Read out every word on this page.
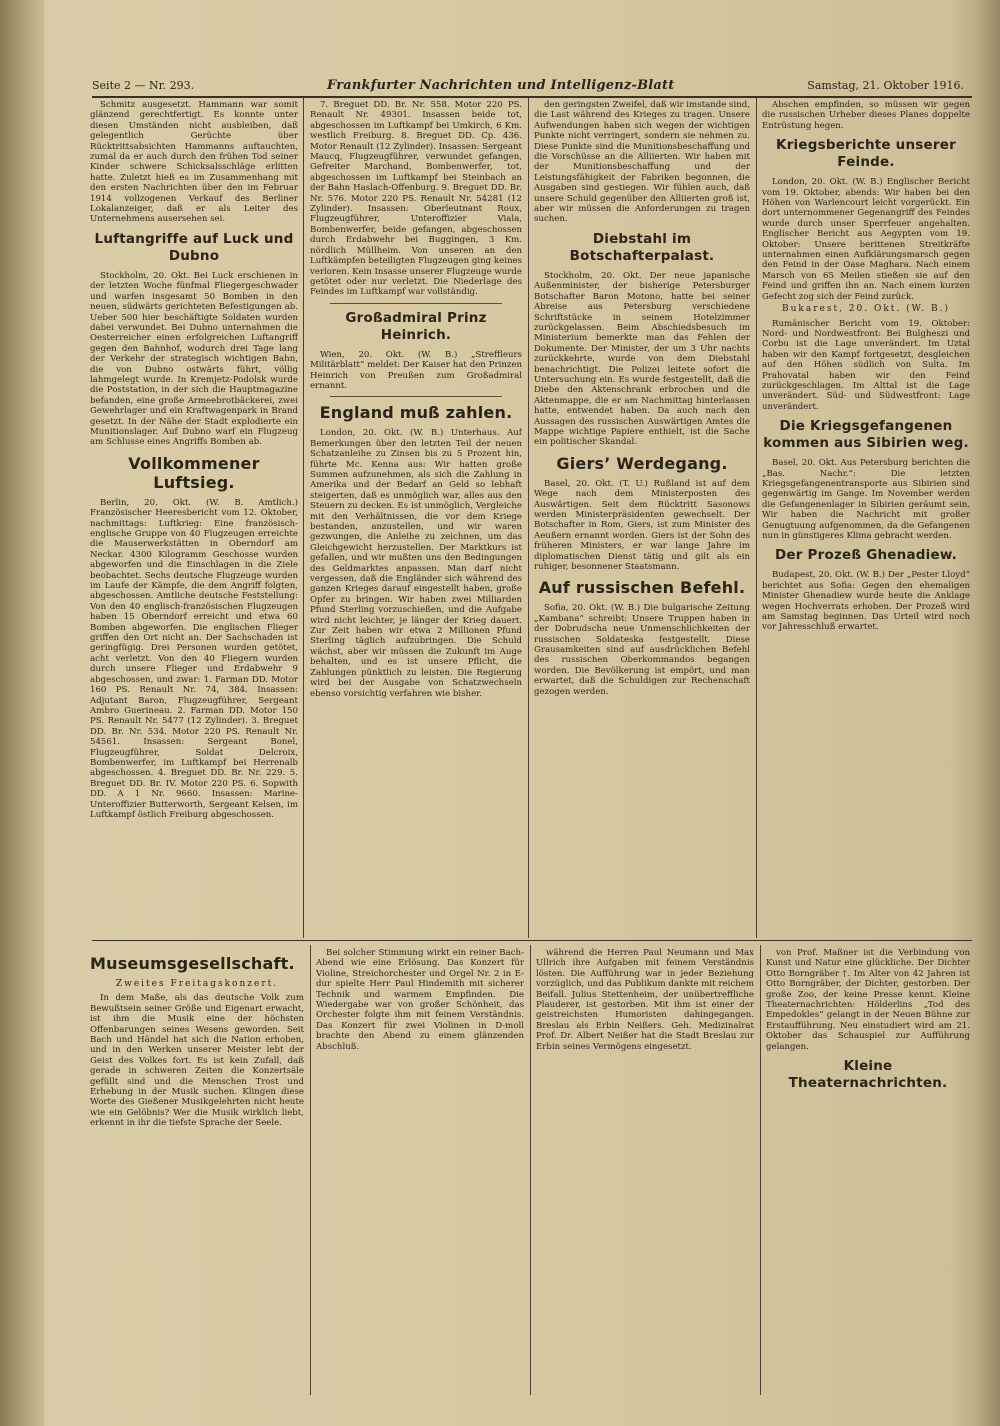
Seite 2 — Nr. 293.	Frankfurter Nachrichten und Intelligenz-Blatt	Samstag, 21. Oktober 1916.

Schmitz ausgesetzt. Hammann war somit glänzend gerechtfertigt. Es konnte unter diesen Umständen nicht ausbleiben, daß gelegentlich Gerüchte über Rücktrittsabsichten Hammanns auftauchten, zumal da er auch durch den frühen Tod seiner Kinder schwere Schicksalsschläge erlitten hatte. Zuletzt hieß es im Zusammenhang mit den ersten Nachrichten über den im Februar 1914 vollzogenen Verkauf des Berliner Lokalanzeiger, daß er als Leiter des Unternehmens ausersehen sei.

Luftangriffe auf Luck und Dubno

Stockholm, 20. Okt. Bei Luck erschienen in der letzten Woche fünfmal Fliegergeschwader und warfen insgesamt 50 Bomben in den neuen, südwärts gerichteten Befestigungen ab. Ueber 500 hier beschäftigte Soldaten wurden dabei verwundet. Bei Dubno unternahmen die Oesterreicher einen erfolgreichen Luftangriff gegen den Bahnhof, wodurch drei Tage lang der Verkehr der strategisch wichtigen Bahn, die von Dubno ostwärts führt, völlig lahmgelegt wurde. In Kremjetz-Podolsk wurde die Poststation, in der sich die Hauptmagazine befanden, eine große Armeebrotbäckerei, zwei Gewehrlager und ein Kraftwagenpark in Brand gesetzt. In der Nähe der Stadt explodierte ein Munitionslager. Auf Dubno warf ein Flugzeug am Schlusse eines Angriffs Bomben ab.

Vollkommener Luftsieg.

Berlin, 20. Okt. (W. B. Amtlich.) Französischer Heeresbericht vom 12. Oktober, nachmittags: Luftkrieg: Eine französisch-englische Gruppe von 40 Flugzeugen erreichte die Mauserwerkstätten in Oberndorf am Neckar. 4300 Kilogramm Geschosse wurden abgeworfen und die Einschlagen in die Ziele beobachtet. Sechs deutsche Flugzeuge wurden im Laufe der Kämpfe, die dem Angriff folgten, abgeschossen. Amtliche deutsche Feststellung: Von den 40 englisch-französischen Flugzeugen haben 15 Oberndorf erreicht und etwa 60 Bomben abgeworfen. Die englischen Flieger griffen den Ort nicht an. Der Sachschaden ist geringfügig. Drei Personen wurden getötet, acht verletzt. Von den 40 Fliegern wurden durch unsere Flieger und Erdabwehr 9 abgeschossen, und zwar: 1. Farman DD. Motor 160 PS. Renault Nr. 74, 384. Insassen: Adjutant Baron, Flugzeugführer, Sergeant Ambro Guerineau. 2. Farman DD. Motor 150 PS. Renault Nr. 5477 (12 Zylinder). 3. Breguet DD. Br. Nr. 534. Motor 220 PS. Renault Nr. 54561. Insassen: Sergeant Bonel, Flugzeugführer, Soldat Delcroix, Bombenwerfer, im Luftkampf bei Herrenalb abgeschossen. 4. Breguet DD. Br. Nr. 229. 5. Breguet DD. Br. IV. Motor 220 PS. 6. Sopwith DD. A 1 Nr. 9660. Insassen: Marine-Unteroffizier Butterworth, Sergeant Kelsen, im Luftkampf östlich Freiburg abgeschossen.

7. Breguet DD. Br. Nr. 558. Motor 220 PS. Renault Nr. 49301. Insassen beide tot, abgeschossen im Luftkampf bei Umkirch, 6 Km. westlich Freiburg. 8. Breguet DD. Cp. 436. Motor Renault (12 Zylinder). Insassen: Sergeant Maucq, Flugzeugführer, verwundet gefangen, Gefreiter Marchand, Bombenwerfer, tot, abgeschossen im Luftkampf bei Steinbach an der Bahn Haslach-Offenburg. 9. Breguet DD. Br. Nr. 576. Motor 220 PS. Renault Nr. 54281 (12 Zylinder). Insassen: Oberleutnant Roux, Flugzeugführer, Unteroffizier Viala, Bombenwerfer, beide gefangen, abgeschossen durch Erdabwehr bei Buggingen, 3 Km. nördlich Müllheim. Von unseren an den Luftkämpfen beteiligten Flugzeugen ging keines verloren. Kein Insasse unserer Flugzeuge wurde getötet oder nur verletzt. Die Niederlage des Feindes im Luftkampf war vollständig.

Großadmiral Prinz Heinrich.

Wien, 20. Okt. (W. B.) „Streffleurs Militärblatt“ meldet: Der Kaiser hat den Prinzen Heinrich von Preußen zum Großadmiral ernannt.

England muß zahlen.

London, 20. Okt. (W. B.) Unterhaus. Auf Bemerkungen über den letzten Teil der neuen Schatzanleihe zu Zinsen bis zu 5 Prozent hin, führte Mc. Kenna aus: Wir hatten große Summen aufzunehmen, als sich die Zahlung in Amerika und der Bedarf an Geld so lebhaft steigerten, daß es unmöglich war, alles aus den Steuern zu decken. Es ist unmöglich, Vergleiche mit den Verhältnissen, die vor dem Kriege bestanden, anzustellen, und wir waren gezwungen, die Anleihe zu zeichnen, um das Gleichgewicht herzustellen. Der Marktkurs ist gefallen, und wir mußten uns den Bedingungen des Geldmarktes anpassen. Man darf nicht vergessen, daß die Engländer sich während des ganzen Krieges darauf eingestellt haben, große Opfer zu bringen. Wir haben zwei Milliarden Pfund Sterling vorzuschießen, und die Aufgabe wird nicht leichter, je länger der Krieg dauert. Zur Zeit haben wir etwa 2 Millionen Pfund Sterling täglich aufzubringen. Die Schuld wächst, aber wir müssen die Zukunft im Auge behalten, und es ist unsere Pflicht, die Zahlungen pünktlich zu leisten. Die Regierung wird bei der Ausgabe von Schatzwechseln ebenso vorsichtig verfahren wie bisher.

den geringsten Zweifel, daß wir imstande sind, die Last während des Krieges zu tragen. Unsere Aufwendungen haben sich wegen der wichtigen Punkte nicht verringert, sondern sie nehmen zu. Diese Punkte sind die Munitionsbeschaffung und die Vorschüsse an die Alliierten. Wir haben mit der Munitionsbeschaffung und der Leistungsfähigkeit der Fabriken begonnen, die Ausgaben sind gestiegen. Wir fühlen auch, daß unsere Schuld gegenüber den Alliierten groß ist, aber wir müssen die Anforderungen zu tragen suchen.

Diebstahl im Botschafterpalast.

Stockholm, 20. Okt. Der neue japanische Außenminister, der bisherige Petersburger Botschafter Baron Motono, hatte bei seiner Abreise aus Petersburg verschiedene Schriftstücke in seinem Hotelzimmer zurückgelassen. Beim Abschiedsbesuch im Ministerium bemerkte man das Fehlen der Dokumente. Der Minister, der um 3 Uhr nachts zurückkehrte, wurde von dem Diebstahl benachrichtigt. Die Polizei leitete sofort die Untersuchung ein. Es wurde festgestellt, daß die Diebe den Aktenschrank erbrochen und die Aktenmappe, die er am Nachmittag hinterlassen hatte, entwendet haben. Da auch nach den Aussagen des russischen Auswärtigen Amtes die Mappe wichtige Papiere enthielt, ist die Sache ein politischer Skandal.

Giers’ Werdegang.

Basel, 20. Okt. (T. U.) Rußland ist auf dem Wege nach dem Ministerposten des Auswärtigen. Seit dem Rücktritt Sasonows werden Ministerpräsidenten gewechselt. Der Botschafter in Rom, Giers, ist zum Minister des Aeußern ernannt worden. Giers ist der Sohn des früheren Ministers, er war lange Jahre im diplomatischen Dienst tätig und gilt als ein ruhiger, besonnener Staatsmann.

Auf russischen Befehl.

Sofia, 20. Okt. (W. B.) Die bulgarische Zeitung „Kambana“ schreibt: Unsere Truppen haben in der Dobrudscha neue Unmenschlichkeiten der russischen Soldateska festgestellt. Diese Grausamkeiten sind auf ausdrücklichen Befehl des russischen Oberkommandos begangen worden. Die Bevölkerung ist empört, und man erwartet, daß die Schuldigen zur Rechenschaft gezogen werden.

Abschen empfinden, so müssen wir gegen die russischen Urheber dieses Planes doppelte Entrüstung hegen.

Kriegsberichte unserer Feinde.

London, 20. Okt. (W. B.) Englischer Bericht vom 19. Oktober, abends: Wir haben bei den Höhen von Warlencourt leicht vorgerückt. Ein dort unternommener Gegenangriff des Feindes wurde durch unser Sperrfeuer angehalten. Englischer Bericht aus Aegypten vom 19. Oktober: Unsere berittenen Streitkräfte unternahmen einen Aufklärungsmarsch gegen den Feind in der Oase Maghara. Nach einem Marsch von 65 Meilen stießen sie auf den Feind und griffen ihn an. Nach einem kurzen Gefecht zog sich der Feind zurück.

Bukarest, 20. Okt. (W. B.)

Rumänischer Bericht vom 19. Oktober: Nord- und Nordwestfront: Bei Bulgheszi und Corbu ist die Lage unverändert. Im Uztal haben wir den Kampf fortgesetzt, desgleichen auf den Höhen südlich von Sulta. Im Prahovatal haben wir den Feind zurückgeschlagen. Im Alttal ist die Lage unverändert. Süd- und Südwestfront: Lage unverändert.

Die Kriegsgefangenen kommen aus Sibirien weg.

Basel, 20. Okt. Aus Petersburg berichten die „Bas. Nachr.“: Die letzten Kriegsgefangenentransporte aus Sibirien sind gegenwärtig im Gange. Im November werden die Gefangenenlager in Sibirien geräumt sein. Wir haben die Nachricht mit großer Genugtuung aufgenommen, da die Gefangenen nun in günstigeres Klima gebracht werden.

Der Prozeß Ghenadiew.

Budapest, 20. Okt. (W. B.) Der „Pester Lloyd“ berichtet aus Sofia: Gegen den ehemaligen Minister Ghenadiew wurde heute die Anklage wegen Hochverrats erhoben. Der Prozeß wird am Samstag beginnen. Das Urteil wird noch vor Jahresschluß erwartet.

Museumsgesellschaft.
Zweites Freitagskonzert.

In dem Maße, als das deutsche Volk zum Bewußtsein seiner Größe und Eigenart erwacht, ist ihm die Musik eine der höchsten Offenbarungen seines Wesens geworden. Seit Bach und Händel hat sich die Nation erhoben, und in den Werken unserer Meister lebt der Geist des Volkes fort. Es ist kein Zufall, daß gerade in schweren Zeiten die Konzertsäle gefüllt sind und die Menschen Trost und Erhebung in der Musik suchen. Klingen diese Worte des Gießener Musikgelehrten nicht heute wie ein Gelöbnis? Wer die Musik wirklich liebt, erkennt in ihr die tiefste Sprache der Seele.

Bei solcher Stimmung wirkt ein reiner Bach-Abend wie eine Erlösung. Das Konzert für Violine, Streichorchester und Orgel Nr. 2 in E-dur spielte Herr Paul Hindemith mit sicherer Technik und warmem Empfinden. Die Wiedergabe war von großer Schönheit, das Orchester folgte ihm mit feinem Verständnis. Das Konzert für zwei Violinen in D-moll brachte den Abend zu einem glänzenden Abschluß.

während die Herren Paul Neumann und Max Ullrich ihre Aufgaben mit feinem Verständnis lösten. Die Aufführung war in jeder Beziehung vorzüglich, und das Publikum dankte mit reichem Beifall. Julius Stettenheim, der unübertreffliche Plauderer, ist gestorben. Mit ihm ist einer der geistreichsten Humoristen dahingegangen. Breslau als Erbin Neißers. Geh. Medizinalrat Prof. Dr. Albert Neißer hat die Stadt Breslau zur Erbin seines Vermögens eingesetzt.

von Prof. Maßner ist die Verbindung von Kunst und Natur eine glückliche. Der Dichter Otto Borngräber †. Im Alter von 42 Jahren ist Otto Borngräber, der Dichter, gestorben. Der große Zoo, der keine Presse kennt. Kleine Theaternachrichten: Hölderlins „Tod des Empedokles“ gelangt in der Neuen Bühne zur Erstaufführung. Neu einstudiert wird am 21. Oktober das Schauspiel zur Aufführung gelangen.

Kleine Theaternachrichten.
